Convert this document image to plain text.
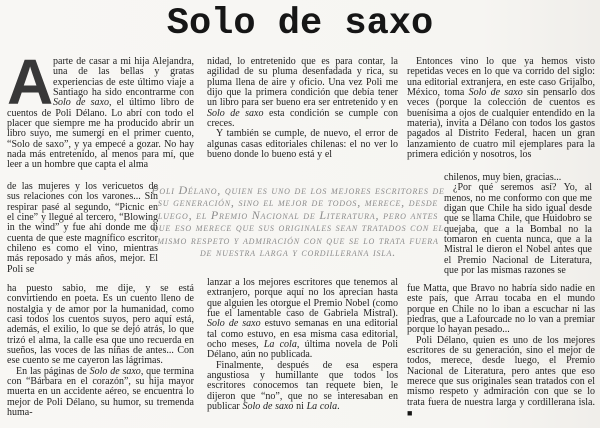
Solo de saxo
Aparte de casar a mi hija Alejandra, una de las bellas y gratas experiencias de este último viaje a Santiago ha sido encontrarme con Solo de saxo, el último libro de cuentos de Poli Délano. Lo abrí con todo el placer que siempre me ha producido abrir un libro suyo, me sumergí en el primer cuento, “Solo de saxo”, y ya empecé a gozar. No hay nada más entretenido, al menos para mí, que leer a un hombre que capta el alma
de las mujeres y los vericuetos de sus relaciones con los varones... Sin respirar pasé al segundo, “Picnic en el cine” y llegué al tercero, “Blowing in the wind” y fue ahí donde me di cuenta de que este magnífico escritor chileno es como el vino, mientras más reposado y más años, mejor. El Poli se

ha puesto sabio, me dije, y se está convirtiendo en poeta. Es un cuento lleno de nostalgia y de amor por la humanidad, como casi todos los cuentos suyos, pero aquí está, además, el exilio, lo que se dejó atrás, lo que trizó el alma, la calle esa que uno recuerda en sueños, las voces de las niñas de antes... Con ese cuento se me cayeron las lágrimas.

En las páginas de Solo de saxo, que termina con “Bárbara en el corazón”, su hija mayor muerta en un accidente aéreo, se encuentra lo mejor de Poli Délano, su humor, su tremenda huma-

nidad, lo entretenido que es para contar, la agilidad de su pluma desenfadada y rica, su pluma llena de aire y oficio. Una vez Poli me dijo que la primera condición que debía tener un libro para ser bueno era ser entretenido y en Solo de saxo esta condición se cumple con creces.

Y también se cumple, de nuevo, el error de algunas casas editoriales chilenas: el no ver lo bueno donde lo bueno está y el

Poli Délano, quien es uno de los mejores escritores de su generación, sino el mejor de todos, merece, desde luego, el Premio Nacional de Literatura, pero antes que eso merece que sus originales sean tratados con el mismo respeto y admiración con que se lo trata fuera de nuestra larga y cordillerana isla.

lanzar a los mejores escritores que tenemos al extranjero, porque aquí no los aprecian hasta que alguien les otorgue el Premio Nobel (como fue el lamentable caso de Gabriela Mistral). Solo de saxo estuvo semanas en una editorial tal como estuvo, en esa misma casa editorial, ocho meses, La cola, última novela de Poli Délano, aún no publicada.

Finalmente, después de esa espera angustiosa y humillante que todos los escritores conocemos tan requete bien, le dijeron que “no”, que no se interesaban en publicar Solo de saxo ni La cola.

Entonces vino lo que ya hemos visto repetidas veces en lo que va corrido del siglo: una editorial extranjera, en este caso Grijalbo, México, toma Solo de saxo sin pensarlo dos veces (porque la colección de cuentos es buenísima a ojos de cualquier entendido en la materia), invita a Délano con todos los gastos pagados al Distrito Federal, hacen un gran lanzamiento de cuatro mil ejemplares para la primera edición y nosotros, los

chilenos, muy bien, gracias...

¿Por qué seremos así? Yo, al menos, no me conformo con que me digan que Chile ha sido igual desde que se llama Chile, que Huidobro se quejaba, que a la Bombal no la tomaron en cuenta nunca, que a la Mistral le dieron el Nobel antes que el Premio Nacional de Literatura, que por las mismas razones se

fue Matta, que Bravo no habría sido nadie en este país, que Arrau tocaba en el mundo porque en Chile no lo iban a escuchar ni las piedras, que a Lafourcade no lo van a premiar porque lo hayan pesado...

Poli Délano, quien es uno de los mejores escritores de su generación, sino el mejor de todos, merece, desde luego, el Premio Nacional de Literatura, pero antes que eso merece que sus originales sean tratados con el mismo respeto y admiración con que se lo trata fuera de nuestra larga y cordillerana isla. ■
